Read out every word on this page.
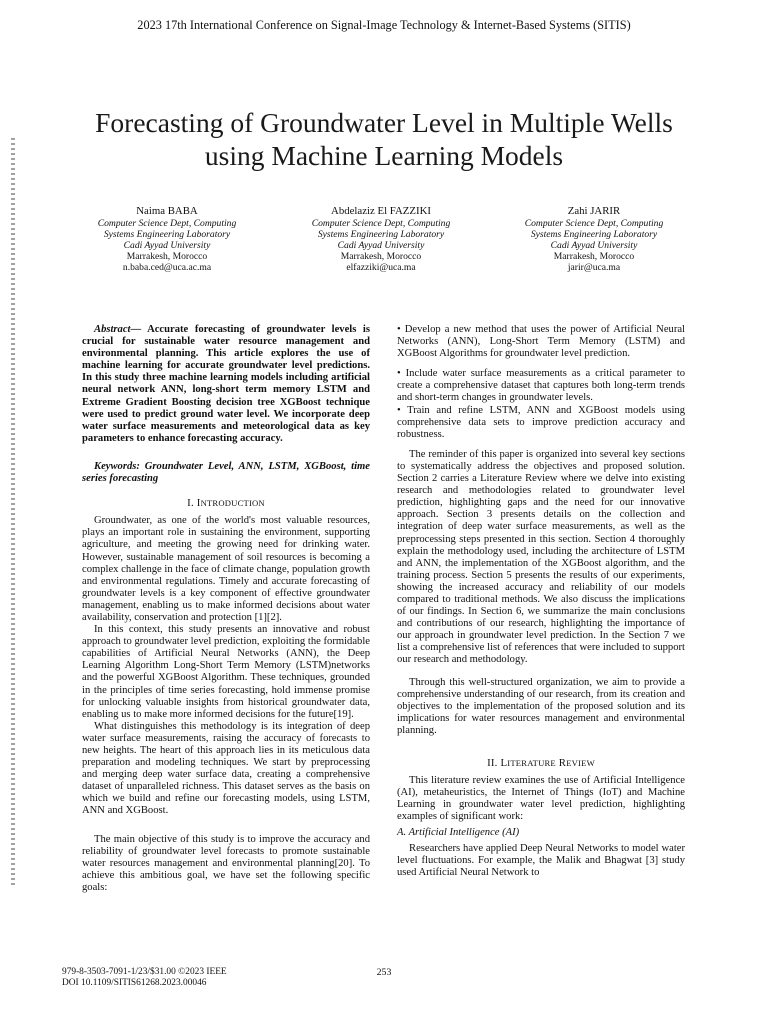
2023 17th International Conference on Signal-Image Technology & Internet-Based Systems (SITIS)
Forecasting of Groundwater Level in Multiple Wells
using Machine Learning Models
Naima BABA
Computer Science Dept, Computing
Systems Engineering Laboratory
Cadi Ayyad University
Marrakesh, Morocco
n.baba.ced@uca.ac.ma
Abdelaziz El FAZZIKI
Computer Science Dept, Computing
Systems Engineering Laboratory
Cadi Ayyad University
Marrakesh, Morocco
elfazziki@uca.ma
Zahi JARIR
Computer Science Dept, Computing
Systems Engineering Laboratory
Cadi Ayyad University
Marrakesh, Morocco
jarir@uca.ma

Abstract— Accurate forecasting of groundwater levels is crucial for sustainable water resource management and environmental planning. This article explores the use of machine learning for accurate groundwater level predictions. In this study three machine learning models including artificial neural network ANN, long-short term memory LSTM and Extreme Gradient Boosting decision tree XGBoost technique were used to predict ground water level. We incorporate deep water surface measurements and meteorological data as key parameters to enhance forecasting accuracy.

Keywords: Groundwater Level, ANN, LSTM, XGBoost, time series forecasting

I. INTRODUCTION

Groundwater, as one of the world's most valuable resources, plays an important role in sustaining the environment, supporting agriculture, and meeting the growing need for drinking water. However, sustainable management of soil resources is becoming a complex challenge in the face of climate change, population growth and environmental regulations. Timely and accurate forecasting of groundwater levels is a key component of effective groundwater management, enabling us to make informed decisions about water availability, conservation and protection [1][2].

In this context, this study presents an innovative and robust approach to groundwater level prediction, exploiting the formidable capabilities of Artificial Neural Networks (ANN), the Deep Learning Algorithm Long-Short Term Memory (LSTM)networks and the powerful XGBoost Algorithm. These techniques, grounded in the principles of time series forecasting, hold immense promise for unlocking valuable insights from historical groundwater data, enabling us to make more informed decisions for the future[19].

What distinguishes this methodology is its integration of deep water surface measurements, raising the accuracy of forecasts to new heights. The heart of this approach lies in its meticulous data preparation and modeling techniques. We start by preprocessing and merging deep water surface data, creating a comprehensive dataset of unparalleled richness. This dataset serves as the basis on which we build and refine our forecasting models, using LSTM, ANN and XGBoost.

The main objective of this study is to improve the accuracy and reliability of groundwater level forecasts to promote sustainable water resources management and environmental planning[20]. To achieve this ambitious goal, we have set the following specific goals:

• Develop a new method that uses the power of Artificial Neural Networks (ANN), Long-Short Term Memory (LSTM) and XGBoost Algorithms for groundwater level prediction.

• Include water surface measurements as a critical parameter to create a comprehensive dataset that captures both long-term trends and short-term changes in groundwater levels.

• Train and refine LSTM, ANN and XGBoost models using comprehensive data sets to improve prediction accuracy and robustness.

The reminder of this paper is organized into several key sections to systematically address the objectives and proposed solution. Section 2 carries a Literature Review where we delve into existing research and methodologies related to groundwater level prediction, highlighting gaps and the need for our innovative approach. Section 3 presents details on the collection and integration of deep water surface measurements, as well as the preprocessing steps presented in this section. Section 4 thoroughly explain the methodology used, including the architecture of LSTM and ANN, the implementation of the XGBoost algorithm, and the training process. Section 5 presents the results of our experiments, showing the increased accuracy and reliability of our models compared to traditional methods. We also discuss the implications of our findings. In Section 6, we summarize the main conclusions and contributions of our research, highlighting the importance of our approach in groundwater level prediction. In the Section 7 we list a comprehensive list of references that were included to support our research and methodology.

Through this well-structured organization, we aim to provide a comprehensive understanding of our research, from its creation and objectives to the implementation of the proposed solution and its implications for water resources management and environmental planning.

II. LITERATURE REVIEW

This literature review examines the use of Artificial Intelligence (AI), metaheuristics, the Internet of Things (IoT) and Machine Learning in groundwater water level prediction, highlighting examples of significant work:

A. Artificial Intelligence (AI)

Researchers have applied Deep Neural Networks to model water level fluctuations. For example, the Malik and Bhagwat [3] study used Artificial Neural Network to

979-8-3503-7091-1/23/$31.00 ©2023 IEEE
DOI 10.1109/SITIS61268.2023.00046
253
